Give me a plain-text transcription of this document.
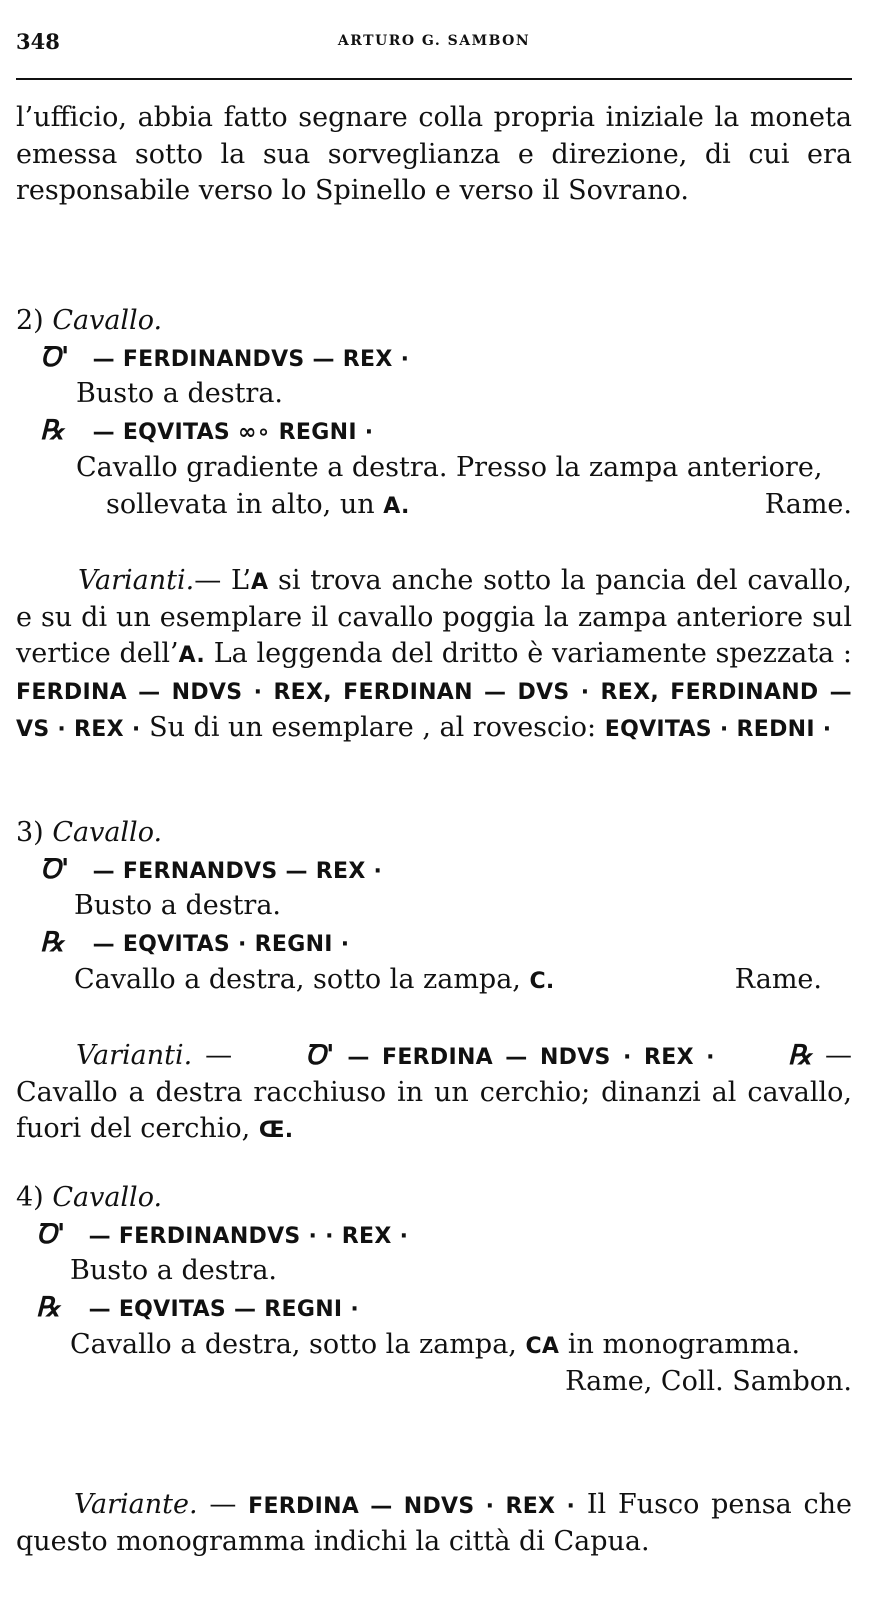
348	ARTURO G. SAMBON
l’ufficio, abbia fatto segnare colla propria iniziale la moneta emessa sotto la sua sorveglianza e direzione, di cui era responsabile verso lo Spinello e verso il Sovrano.
2) Cavallo.
Ꝺ' — FERDINANDVS — REX ·
Busto a destra.
℞ — EQVITAS ∞∘ REGNI ·
Cavallo gradiente a destra. Presso la zampa anteriore,
sollevata in alto, un A.	Rame.
Varianti.— L’A si trova anche sotto la pancia del cavallo, e su di un esemplare il cavallo poggia la zampa anteriore sul vertice dell’A. La leggenda del dritto è variamente spezzata : FERDINA — NDVS · REX, FERDINAN — DVS · REX, FERDINAND — VS · REX · Su di un esemplare , al rovescio: EQVITAS · REDNI ·
3) Cavallo.
Ꝺ' — FERNANDVS — REX ·
Busto a destra.
℞ — EQVITAS · REGNI ·
Cavallo a destra, sotto la zampa, C.	Rame.
Varianti. — Ꝺ' — FERDINA — NDVS · REX ·	℞ — Cavallo a destra racchiuso in un cerchio; dinanzi al cavallo, fuori del cerchio, Œ.
4) Cavallo.
Ꝺ' — FERDINANDVS · · REX ·
Busto a destra.
℞ — EQVITAS — REGNI ·
Cavallo a destra, sotto la zampa, CA in monogramma.
Rame, Coll. Sambon.
Variante. — FERDINA — NDVS · REX · Il Fusco pensa che questo monogramma indichi la città di Capua.
